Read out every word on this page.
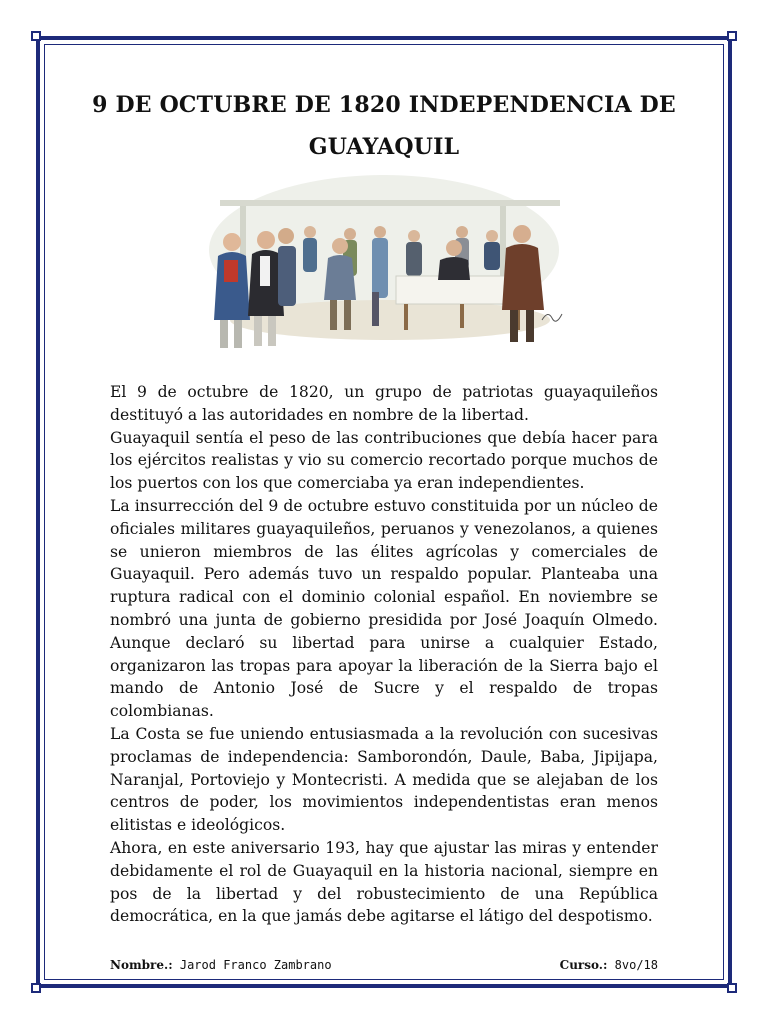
9 DE OCTUBRE DE 1820 INDEPENDENCIA DE GUAYAQUIL

El 9 de octubre de 1820, un grupo de patriotas guayaquileños destituyó a las autoridades en nombre de la libertad.

Guayaquil sentía el peso de las contribuciones que debía hacer para los ejércitos realistas y vio su comercio recortado porque muchos de los puertos con los que comerciaba ya eran independientes.

La insurrección del 9 de octubre estuvo constituida por un núcleo de oficiales militares guayaquileños, peruanos y venezolanos, a quienes se unieron miembros de las élites agrícolas y comerciales de Guayaquil. Pero además tuvo un respaldo popular. Planteaba una ruptura radical con el dominio colonial español. En noviembre se nombró una junta de gobierno presidida por José Joaquín Olmedo. Aunque declaró su libertad para unirse a cualquier Estado, organizaron las tropas para apoyar la liberación de la Sierra bajo el mando de Antonio José de Sucre y el respaldo de tropas colombianas.

La Costa se fue uniendo entusiasmada a la revolución con sucesivas proclamas de independencia: Samborondón, Daule, Baba, Jipijapa, Naranjal, Portoviejo y Montecristi. A medida que se alejaban de los centros de poder, los movimientos independentistas eran menos elitistas e ideológicos.

Ahora, en este aniversario 193, hay que ajustar las miras y entender debidamente el rol de Guayaquil en la historia nacional, siempre en pos de la libertad y del robustecimiento de una República democrática, en la que jamás debe agitarse el látigo del despotismo.

Nombre.: Jarod Franco Zambrano	Curso.: 8vo/18
